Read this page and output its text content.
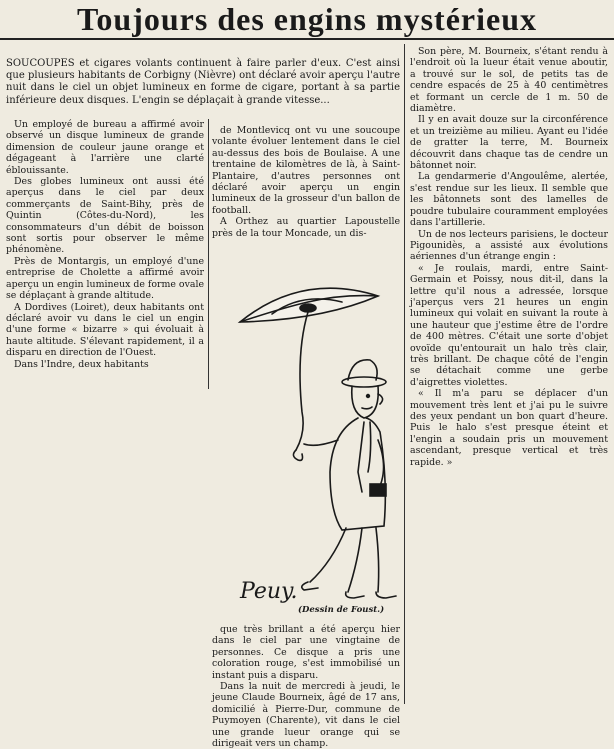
Toujours des engins mystérieux

SOUCOUPES et cigares volants continuent à faire parler d'eux. C'est ainsi que plusieurs habitants de Corbigny (Nièvre) ont déclaré avoir aperçu l'autre nuit dans le ciel un objet lumineux en forme de cigare, portant à sa partie inférieure deux disques. L'engin se déplaçait à grande vitesse...

Un employé de bureau a affirmé avoir observé un disque lumineux de grande dimension de couleur jaune orange et dégageant à l'arrière une clarté éblouissante.

Des globes lumineux ont aussi été aperçus dans le ciel par deux commerçants de Saint-Bihy, près de Quintin (Côtes-du-Nord), les consommateurs d'un débit de boisson sont sortis pour observer le même phénomène.

Près de Montargis, un employé d'une entreprise de Cholette a affirmé avoir aperçu un engin lumineux de forme ovale se déplaçant à grande altitude.

A Dordives (Loiret), deux habitants ont déclaré avoir vu dans le ciel un engin d'une forme « bizarre » qui évoluait à haute altitude. S'élevant rapidement, il a disparu en direction de l'Ouest.

Dans l'Indre, deux habitants

de Montlevicq ont vu une soucoupe volante évoluer lentement dans le ciel au-dessus des bois de Boulaise. A une trentaine de kilomètres de là, à Saint-Plantaire, d'autres personnes ont déclaré avoir aperçu un engin lumineux de la grosseur d'un ballon de football.

A Orthez au quartier Lapoustelle près de la tour Moncade, un dis-

Peuy.
(Dessin de Foust.)

que très brillant a été aperçu hier dans le ciel par une vingtaine de personnes. Ce disque a pris une coloration rouge, s'est immobilisé un instant puis a disparu.

Dans la nuit de mercredi à jeudi, le jeune Claude Bourneix, âgé de 17 ans, domicilié à Pierre-Dur, commune de Puymoyen (Charente), vit dans le ciel une grande lueur orange qui se dirigeait vers un champ.

Son père, M. Bourneix, s'étant rendu à l'endroit où la lueur était venue aboutir, a trouvé sur le sol, de petits tas de cendre espacés de 25 à 40 centimètres et formant un cercle de 1 m. 50 de diamètre.

Il y en avait douze sur la circonférence et un treizième au milieu. Ayant eu l'idée de gratter la terre, M. Bourneix découvrit dans chaque tas de cendre un bâtonnet noir.

La gendarmerie d'Angoulême, alertée, s'est rendue sur les lieux. Il semble que les bâtonnets sont des lamelles de poudre tubulaire couramment employées dans l'artillerie.

Un de nos lecteurs parisiens, le docteur Pigounidès, a assisté aux évolutions aériennes d'un étrange engin :

« Je roulais, mardi, entre Saint-Germain et Poissy, nous dit-il, dans la lettre qu'il nous a adressée, lorsque j'aperçus vers 21 heures un engin lumineux qui volait en suivant la route à une hauteur que j'estime être de l'ordre de 400 mètres. C'était une sorte d'objet ovoïde qu'entourait un halo très clair, très brillant. De chaque côté de l'engin se détachait comme une gerbe d'aigrettes violettes.

« Il m'a paru se déplacer d'un mouvement très lent et j'ai pu le suivre des yeux pendant un bon quart d'heure. Puis le halo s'est presque éteint et l'engin a soudain pris un mouvement ascendant, presque vertical et très rapide. »
